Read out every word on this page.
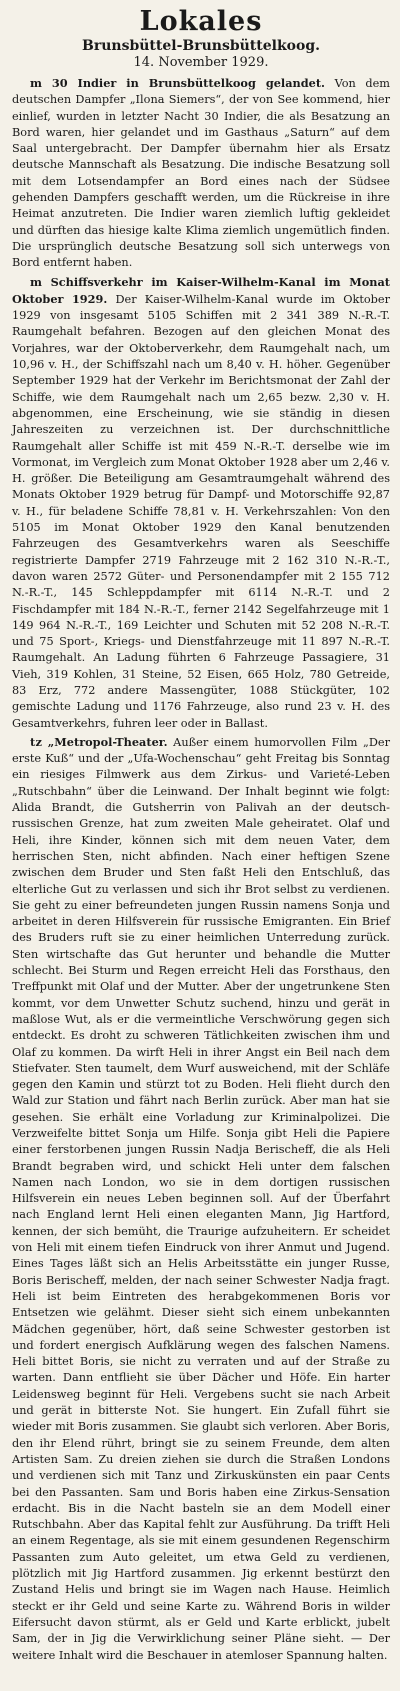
Lokales
Brunsbüttel-Brunsbüttelkoog.
14. November 1929.

m 30 Indier in Brunsbüttelkoog gelandet. Von dem deutschen Dampfer „Ilona Siemers“, der von See kommend, hier einlief, wurden in letzter Nacht 30 Indier, die als Besatzung an Bord waren, hier gelandet und im Gasthaus „Saturn“ auf dem Saal untergebracht. Der Dampfer übernahm hier als Ersatz deutsche Mannschaft als Besatzung. Die indische Besatzung soll mit dem Lotsendampfer an Bord eines nach der Südsee gehenden Dampfers geschafft werden, um die Rückreise in ihre Heimat anzutreten. Die Indier waren ziemlich luftig gekleidet und dürften das hiesige kalte Klima ziemlich ungemütlich finden. Die ursprünglich deutsche Besatzung soll sich unterwegs von Bord entfernt haben.

m Schiffsverkehr im Kaiser-Wilhelm-Kanal im Monat Oktober 1929. Der Kaiser-Wilhelm-Kanal wurde im Oktober 1929 von insgesamt 5105 Schiffen mit 2 341 389 N.-R.-T. Raumgehalt befahren. Bezogen auf den gleichen Monat des Vorjahres, war der Oktoberverkehr, dem Raumgehalt nach, um 10,96 v. H., der Schiffszahl nach um 8,40 v. H. höher. Gegenüber September 1929 hat der Verkehr im Berichtsmonat der Zahl der Schiffe, wie dem Raumgehalt nach um 2,65 bezw. 2,30 v. H. abgenommen, eine Erscheinung, wie sie ständig in diesen Jahreszeiten zu verzeichnen ist. Der durchschnittliche Raumgehalt aller Schiffe ist mit 459 N.-R.-T. derselbe wie im Vormonat, im Vergleich zum Monat Oktober 1928 aber um 2,46 v. H. größer. Die Beteiligung am Gesamtraumgehalt während des Monats Oktober 1929 betrug für Dampf- und Motorschiffe 92,87 v. H., für beladene Schiffe 78,81 v. H. Verkehrszahlen: Von den 5105 im Monat Oktober 1929 den Kanal benutzenden Fahrzeugen des Gesamtverkehrs waren als Seeschiffe registrierte Dampfer 2719 Fahrzeuge mit 2 162 310 N.-R.-T., davon waren 2572 Güter- und Personendampfer mit 2 155 712 N.-R.-T., 145 Schleppdampfer mit 6114 N.-R.-T. und 2 Fischdampfer mit 184 N.-R.-T., ferner 2142 Segelfahrzeuge mit 1 149 964 N.-R.-T., 169 Leichter und Schuten mit 52 208 N.-R.-T. und 75 Sport-, Kriegs- und Dienstfahrzeuge mit 11 897 N.-R.-T. Raumgehalt. An Ladung führten 6 Fahrzeuge Passagiere, 31 Vieh, 319 Kohlen, 31 Steine, 52 Eisen, 665 Holz, 780 Getreide, 83 Erz, 772 andere Massengüter, 1088 Stückgüter, 102 gemischte Ladung und 1176 Fahrzeuge, also rund 23 v. H. des Gesamtverkehrs, fuhren leer oder in Ballast.

tz „Metropol-Theater. Außer einem humorvollen Film „Der erste Kuß“ und der „Ufa-Wochenschau“ geht Freitag bis Sonntag ein riesiges Filmwerk aus dem Zirkus- und Varieté-Leben „Rutschbahn“ über die Leinwand. Der Inhalt beginnt wie folgt: Alida Brandt, die Gutsherrin von Palivah an der deutsch-russischen Grenze, hat zum zweiten Male geheiratet. Olaf und Heli, ihre Kinder, können sich mit dem neuen Vater, dem herrischen Sten, nicht abfinden. Nach einer heftigen Szene zwischen dem Bruder und Sten faßt Heli den Entschluß, das elterliche Gut zu verlassen und sich ihr Brot selbst zu verdienen. Sie geht zu einer befreundeten jungen Russin namens Sonja und arbeitet in deren Hilfsverein für russische Emigranten. Ein Brief des Bruders ruft sie zu einer heimlichen Unterredung zurück. Sten wirtschafte das Gut herunter und behandle die Mutter schlecht. Bei Sturm und Regen erreicht Heli das Forsthaus, den Treffpunkt mit Olaf und der Mutter. Aber der ungetrunkene Sten kommt, vor dem Unwetter Schutz suchend, hinzu und gerät in maßlose Wut, als er die vermeintliche Verschwörung gegen sich entdeckt. Es droht zu schweren Tätlichkeiten zwischen ihm und Olaf zu kommen. Da wirft Heli in ihrer Angst ein Beil nach dem Stiefvater. Sten taumelt, dem Wurf ausweichend, mit der Schläfe gegen den Kamin und stürzt tot zu Boden. Heli flieht durch den Wald zur Station und fährt nach Berlin zurück. Aber man hat sie gesehen. Sie erhält eine Vorladung zur Kriminalpolizei. Die Verzweifelte bittet Sonja um Hilfe. Sonja gibt Heli die Papiere einer ferstorbenen jungen Russin Nadja Berischeff, die als Heli Brandt begraben wird, und schickt Heli unter dem falschen Namen nach London, wo sie in dem dortigen russischen Hilfsverein ein neues Leben beginnen soll. Auf der Überfahrt nach England lernt Heli einen eleganten Mann, Jig Hartford, kennen, der sich bemüht, die Traurige aufzuheitern. Er scheidet von Heli mit einem tiefen Eindruck von ihrer Anmut und Jugend. Eines Tages läßt sich an Helis Arbeitsstätte ein junger Russe, Boris Berischeff, melden, der nach seiner Schwester Nadja fragt. Heli ist beim Eintreten des herabgekommenen Boris vor Entsetzen wie gelähmt. Dieser sieht sich einem unbekannten Mädchen gegenüber, hört, daß seine Schwester gestorben ist und fordert energisch Aufklärung wegen des falschen Namens. Heli bittet Boris, sie nicht zu verraten und auf der Straße zu warten. Dann entflieht sie über Dächer und Höfe. Ein harter Leidensweg beginnt für Heli. Vergebens sucht sie nach Arbeit und gerät in bitterste Not. Sie hungert. Ein Zufall führt sie wieder mit Boris zusammen. Sie glaubt sich verloren. Aber Boris, den ihr Elend rührt, bringt sie zu seinem Freunde, dem alten Artisten Sam. Zu dreien ziehen sie durch die Straßen Londons und verdienen sich mit Tanz und Zirkuskünsten ein paar Cents bei den Passanten. Sam und Boris haben eine Zirkus-Sensation erdacht. Bis in die Nacht basteln sie an dem Modell einer Rutschbahn. Aber das Kapital fehlt zur Ausführung. Da trifft Heli an einem Regentage, als sie mit einem gesundenen Regenschirm Passanten zum Auto geleitet, um etwa Geld zu verdienen, plötzlich mit Jig Hartford zusammen. Jig erkennt bestürzt den Zustand Helis und bringt sie im Wagen nach Hause. Heimlich steckt er ihr Geld und seine Karte zu. Während Boris in wilder Eifersucht davon stürmt, als er Geld und Karte erblickt, jubelt Sam, der in Jig die Verwirklichung seiner Pläne sieht. — Der weitere Inhalt wird die Beschauer in atemloser Spannung halten.
